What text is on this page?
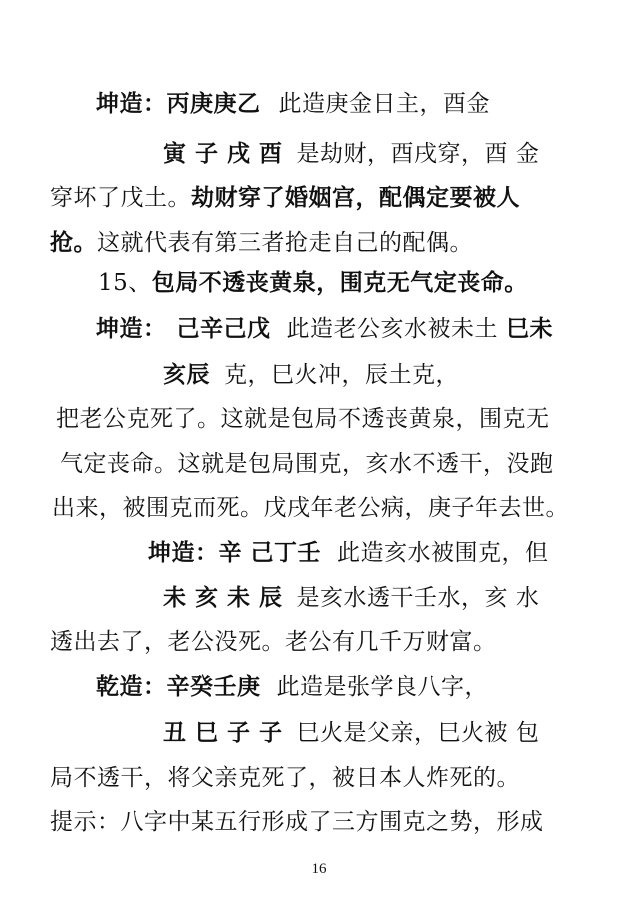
坤造：丙庚庚乙 此造庚金日主，酉金
寅 子 戌 酉 是劫财，酉戌穿，酉 金
穿坏了戊土。劫财穿了婚姻宫，配偶定要被人
抢。这就代表有第三者抢走自己的配偶。
15、包局不透丧黄泉，围克无气定丧命。
坤造： 己辛己戊 此造老公亥水被未土 巳未
亥辰 克，巳火冲，辰土克，
把老公克死了。这就是包局不透丧黄泉，围克无
气定丧命。这就是包局围克，亥水不透干，没跑
出来，被围克而死。戊戌年老公病，庚子年去世。
坤造：辛 己丁壬 此造亥水被围克，但
未 亥 未 辰 是亥水透干壬水，亥 水
透出去了，老公没死。老公有几千万财富。
乾造：辛癸壬庚 此造是张学良八字，
丑 巳 子 子 巳火是父亲，巳火被 包
局不透干，将父亲克死了，被日本人炸死的。
提示：八字中某五行形成了三方围克之势，形成
16
